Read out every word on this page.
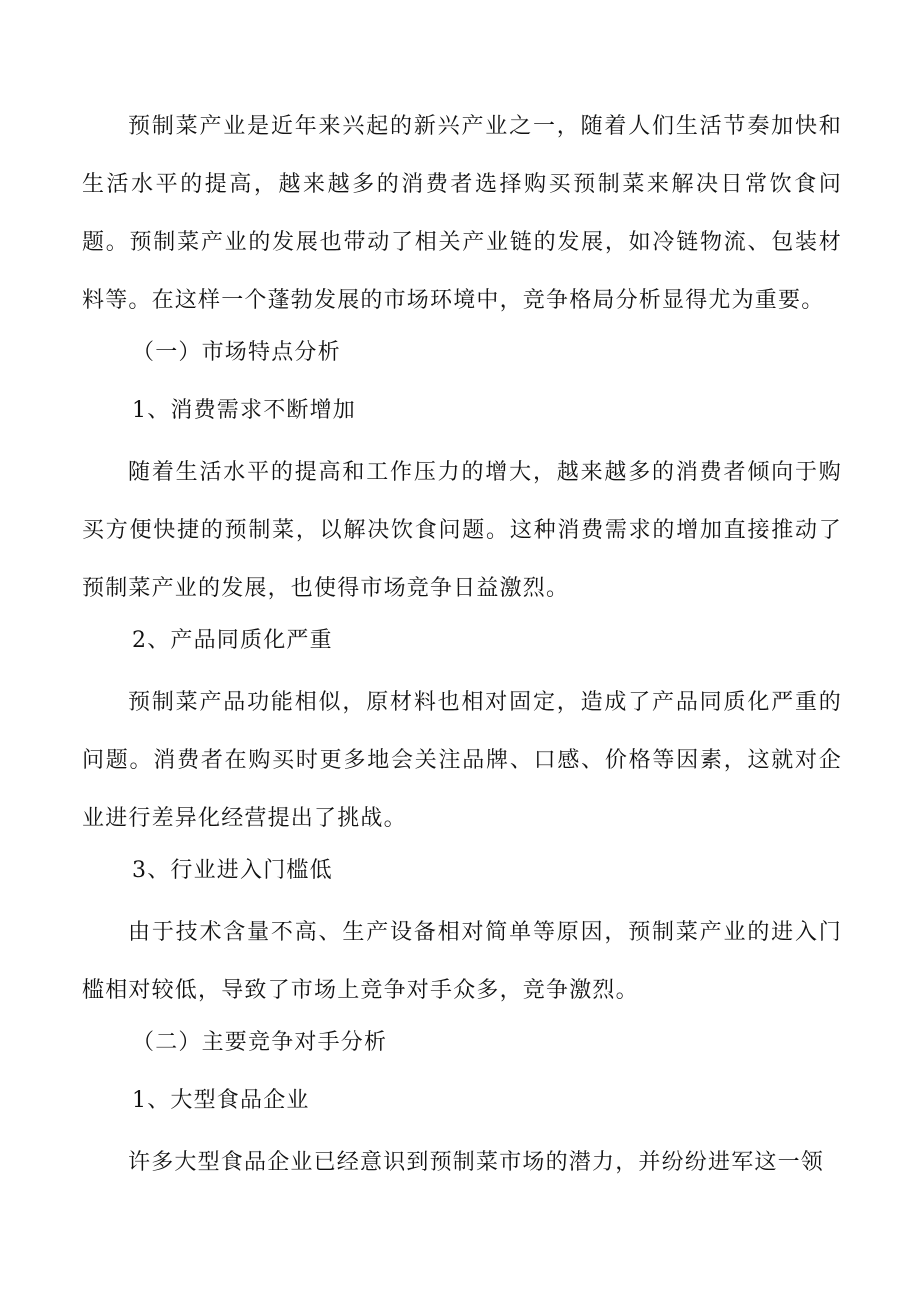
预制菜产业是近年来兴起的新兴产业之一，随着人们生活节奏加快和生活水平的提高，越来越多的消费者选择购买预制菜来解决日常饮食问题。预制菜产业的发展也带动了相关产业链的发展，如冷链物流、包装材料等。在这样一个蓬勃发展的市场环境中，竞争格局分析显得尤为重要。

（一）市场特点分析
1、消费需求不断增加

随着生活水平的提高和工作压力的增大，越来越多的消费者倾向于购买方便快捷的预制菜，以解决饮食问题。这种消费需求的增加直接推动了预制菜产业的发展，也使得市场竞争日益激烈。

2、产品同质化严重

预制菜产品功能相似，原材料也相对固定，造成了产品同质化严重的问题。消费者在购买时更多地会关注品牌、口感、价格等因素，这就对企业进行差异化经营提出了挑战。

3、行业进入门槛低

由于技术含量不高、生产设备相对简单等原因，预制菜产业的进入门槛相对较低，导致了市场上竞争对手众多，竞争激烈。

（二）主要竞争对手分析
1、大型食品企业

许多大型食品企业已经意识到预制菜市场的潜力，并纷纷进军这一领
